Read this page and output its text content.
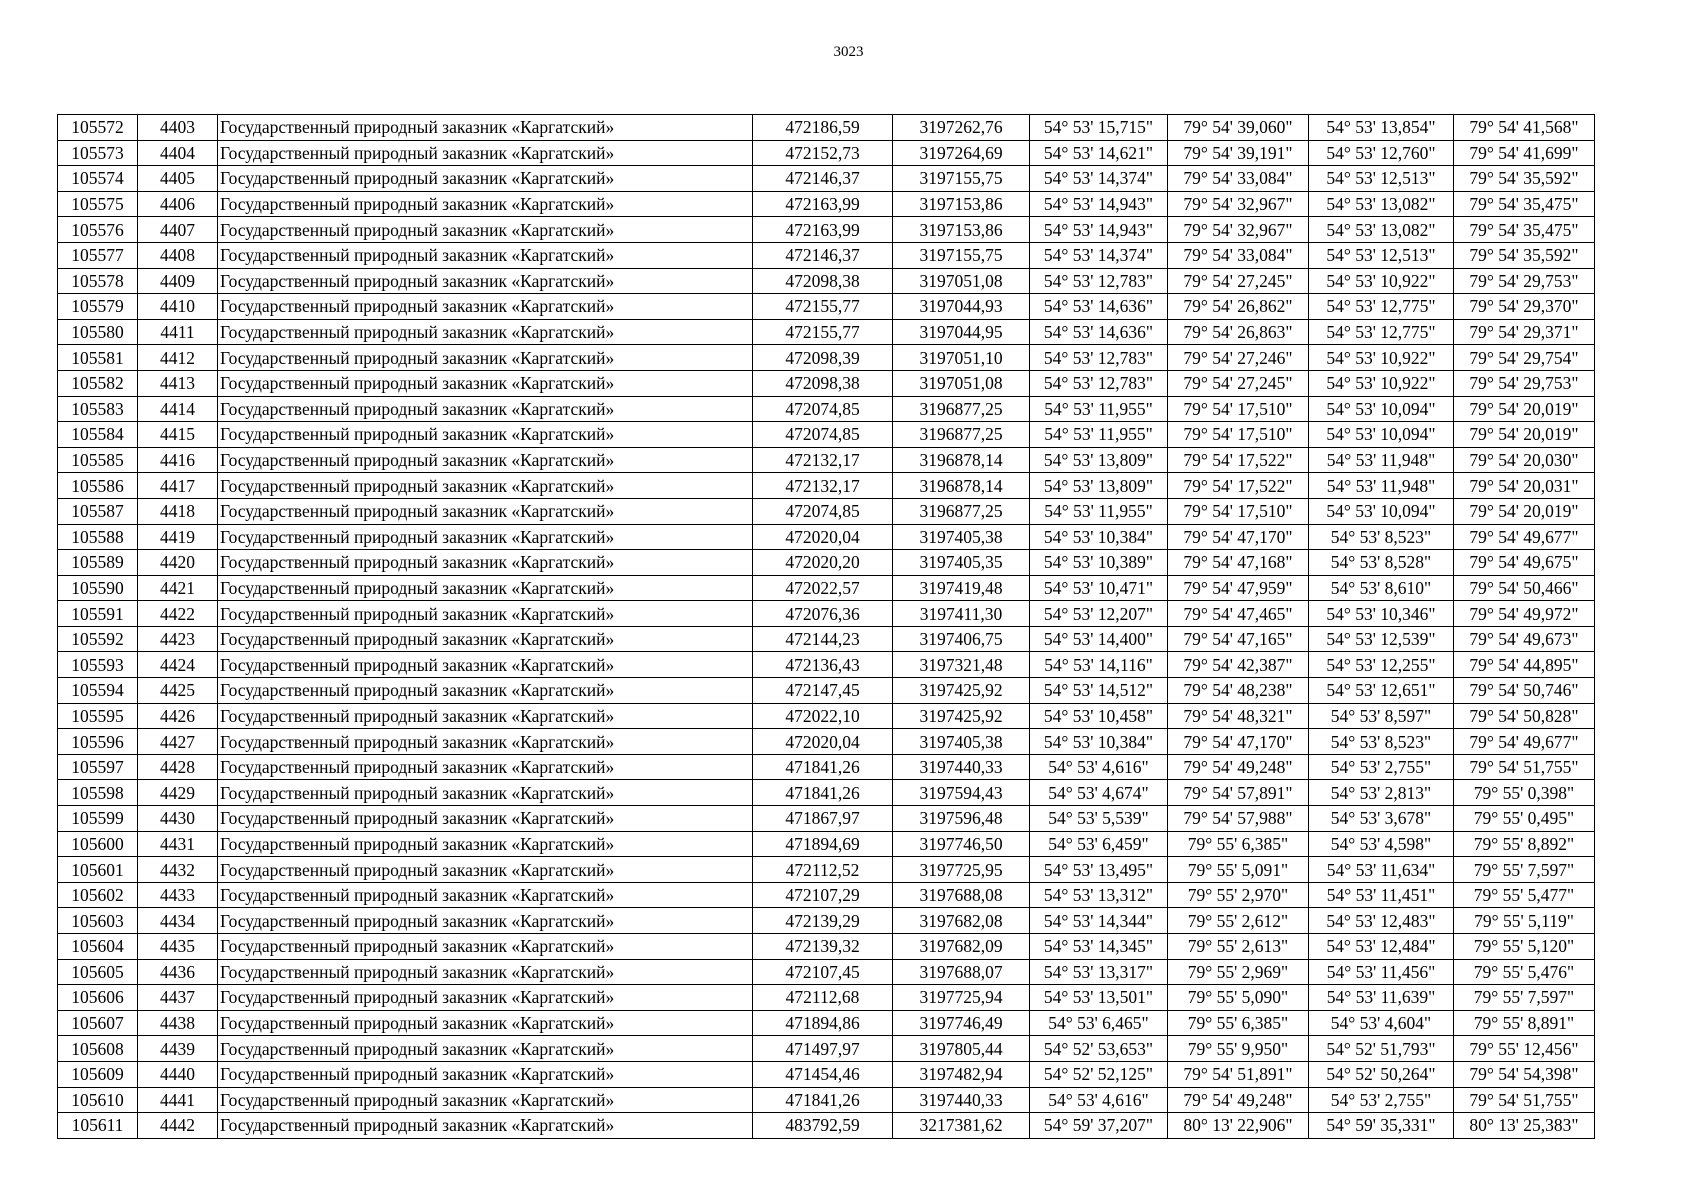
3023
105572	4403	Государственный природный заказник «Каргатский»	472186,59	3197262,76	54° 53' 15,715"	79° 54' 39,060"	54° 53' 13,854"	79° 54' 41,568"
105573	4404	Государственный природный заказник «Каргатский»	472152,73	3197264,69	54° 53' 14,621"	79° 54' 39,191"	54° 53' 12,760"	79° 54' 41,699"
105574	4405	Государственный природный заказник «Каргатский»	472146,37	3197155,75	54° 53' 14,374"	79° 54' 33,084"	54° 53' 12,513"	79° 54' 35,592"
105575	4406	Государственный природный заказник «Каргатский»	472163,99	3197153,86	54° 53' 14,943"	79° 54' 32,967"	54° 53' 13,082"	79° 54' 35,475"
105576	4407	Государственный природный заказник «Каргатский»	472163,99	3197153,86	54° 53' 14,943"	79° 54' 32,967"	54° 53' 13,082"	79° 54' 35,475"
105577	4408	Государственный природный заказник «Каргатский»	472146,37	3197155,75	54° 53' 14,374"	79° 54' 33,084"	54° 53' 12,513"	79° 54' 35,592"
105578	4409	Государственный природный заказник «Каргатский»	472098,38	3197051,08	54° 53' 12,783"	79° 54' 27,245"	54° 53' 10,922"	79° 54' 29,753"
105579	4410	Государственный природный заказник «Каргатский»	472155,77	3197044,93	54° 53' 14,636"	79° 54' 26,862"	54° 53' 12,775"	79° 54' 29,370"
105580	4411	Государственный природный заказник «Каргатский»	472155,77	3197044,95	54° 53' 14,636"	79° 54' 26,863"	54° 53' 12,775"	79° 54' 29,371"
105581	4412	Государственный природный заказник «Каргатский»	472098,39	3197051,10	54° 53' 12,783"	79° 54' 27,246"	54° 53' 10,922"	79° 54' 29,754"
105582	4413	Государственный природный заказник «Каргатский»	472098,38	3197051,08	54° 53' 12,783"	79° 54' 27,245"	54° 53' 10,922"	79° 54' 29,753"
105583	4414	Государственный природный заказник «Каргатский»	472074,85	3196877,25	54° 53' 11,955"	79° 54' 17,510"	54° 53' 10,094"	79° 54' 20,019"
105584	4415	Государственный природный заказник «Каргатский»	472074,85	3196877,25	54° 53' 11,955"	79° 54' 17,510"	54° 53' 10,094"	79° 54' 20,019"
105585	4416	Государственный природный заказник «Каргатский»	472132,17	3196878,14	54° 53' 13,809"	79° 54' 17,522"	54° 53' 11,948"	79° 54' 20,030"
105586	4417	Государственный природный заказник «Каргатский»	472132,17	3196878,14	54° 53' 13,809"	79° 54' 17,522"	54° 53' 11,948"	79° 54' 20,031"
105587	4418	Государственный природный заказник «Каргатский»	472074,85	3196877,25	54° 53' 11,955"	79° 54' 17,510"	54° 53' 10,094"	79° 54' 20,019"
105588	4419	Государственный природный заказник «Каргатский»	472020,04	3197405,38	54° 53' 10,384"	79° 54' 47,170"	54° 53' 8,523"	79° 54' 49,677"
105589	4420	Государственный природный заказник «Каргатский»	472020,20	3197405,35	54° 53' 10,389"	79° 54' 47,168"	54° 53' 8,528"	79° 54' 49,675"
105590	4421	Государственный природный заказник «Каргатский»	472022,57	3197419,48	54° 53' 10,471"	79° 54' 47,959"	54° 53' 8,610"	79° 54' 50,466"
105591	4422	Государственный природный заказник «Каргатский»	472076,36	3197411,30	54° 53' 12,207"	79° 54' 47,465"	54° 53' 10,346"	79° 54' 49,972"
105592	4423	Государственный природный заказник «Каргатский»	472144,23	3197406,75	54° 53' 14,400"	79° 54' 47,165"	54° 53' 12,539"	79° 54' 49,673"
105593	4424	Государственный природный заказник «Каргатский»	472136,43	3197321,48	54° 53' 14,116"	79° 54' 42,387"	54° 53' 12,255"	79° 54' 44,895"
105594	4425	Государственный природный заказник «Каргатский»	472147,45	3197425,92	54° 53' 14,512"	79° 54' 48,238"	54° 53' 12,651"	79° 54' 50,746"
105595	4426	Государственный природный заказник «Каргатский»	472022,10	3197425,92	54° 53' 10,458"	79° 54' 48,321"	54° 53' 8,597"	79° 54' 50,828"
105596	4427	Государственный природный заказник «Каргатский»	472020,04	3197405,38	54° 53' 10,384"	79° 54' 47,170"	54° 53' 8,523"	79° 54' 49,677"
105597	4428	Государственный природный заказник «Каргатский»	471841,26	3197440,33	54° 53' 4,616"	79° 54' 49,248"	54° 53' 2,755"	79° 54' 51,755"
105598	4429	Государственный природный заказник «Каргатский»	471841,26	3197594,43	54° 53' 4,674"	79° 54' 57,891"	54° 53' 2,813"	79° 55' 0,398"
105599	4430	Государственный природный заказник «Каргатский»	471867,97	3197596,48	54° 53' 5,539"	79° 54' 57,988"	54° 53' 3,678"	79° 55' 0,495"
105600	4431	Государственный природный заказник «Каргатский»	471894,69	3197746,50	54° 53' 6,459"	79° 55' 6,385"	54° 53' 4,598"	79° 55' 8,892"
105601	4432	Государственный природный заказник «Каргатский»	472112,52	3197725,95	54° 53' 13,495"	79° 55' 5,091"	54° 53' 11,634"	79° 55' 7,597"
105602	4433	Государственный природный заказник «Каргатский»	472107,29	3197688,08	54° 53' 13,312"	79° 55' 2,970"	54° 53' 11,451"	79° 55' 5,477"
105603	4434	Государственный природный заказник «Каргатский»	472139,29	3197682,08	54° 53' 14,344"	79° 55' 2,612"	54° 53' 12,483"	79° 55' 5,119"
105604	4435	Государственный природный заказник «Каргатский»	472139,32	3197682,09	54° 53' 14,345"	79° 55' 2,613"	54° 53' 12,484"	79° 55' 5,120"
105605	4436	Государственный природный заказник «Каргатский»	472107,45	3197688,07	54° 53' 13,317"	79° 55' 2,969"	54° 53' 11,456"	79° 55' 5,476"
105606	4437	Государственный природный заказник «Каргатский»	472112,68	3197725,94	54° 53' 13,501"	79° 55' 5,090"	54° 53' 11,639"	79° 55' 7,597"
105607	4438	Государственный природный заказник «Каргатский»	471894,86	3197746,49	54° 53' 6,465"	79° 55' 6,385"	54° 53' 4,604"	79° 55' 8,891"
105608	4439	Государственный природный заказник «Каргатский»	471497,97	3197805,44	54° 52' 53,653"	79° 55' 9,950"	54° 52' 51,793"	79° 55' 12,456"
105609	4440	Государственный природный заказник «Каргатский»	471454,46	3197482,94	54° 52' 52,125"	79° 54' 51,891"	54° 52' 50,264"	79° 54' 54,398"
105610	4441	Государственный природный заказник «Каргатский»	471841,26	3197440,33	54° 53' 4,616"	79° 54' 49,248"	54° 53' 2,755"	79° 54' 51,755"
105611	4442	Государственный природный заказник «Каргатский»	483792,59	3217381,62	54° 59' 37,207"	80° 13' 22,906"	54° 59' 35,331"	80° 13' 25,383"
